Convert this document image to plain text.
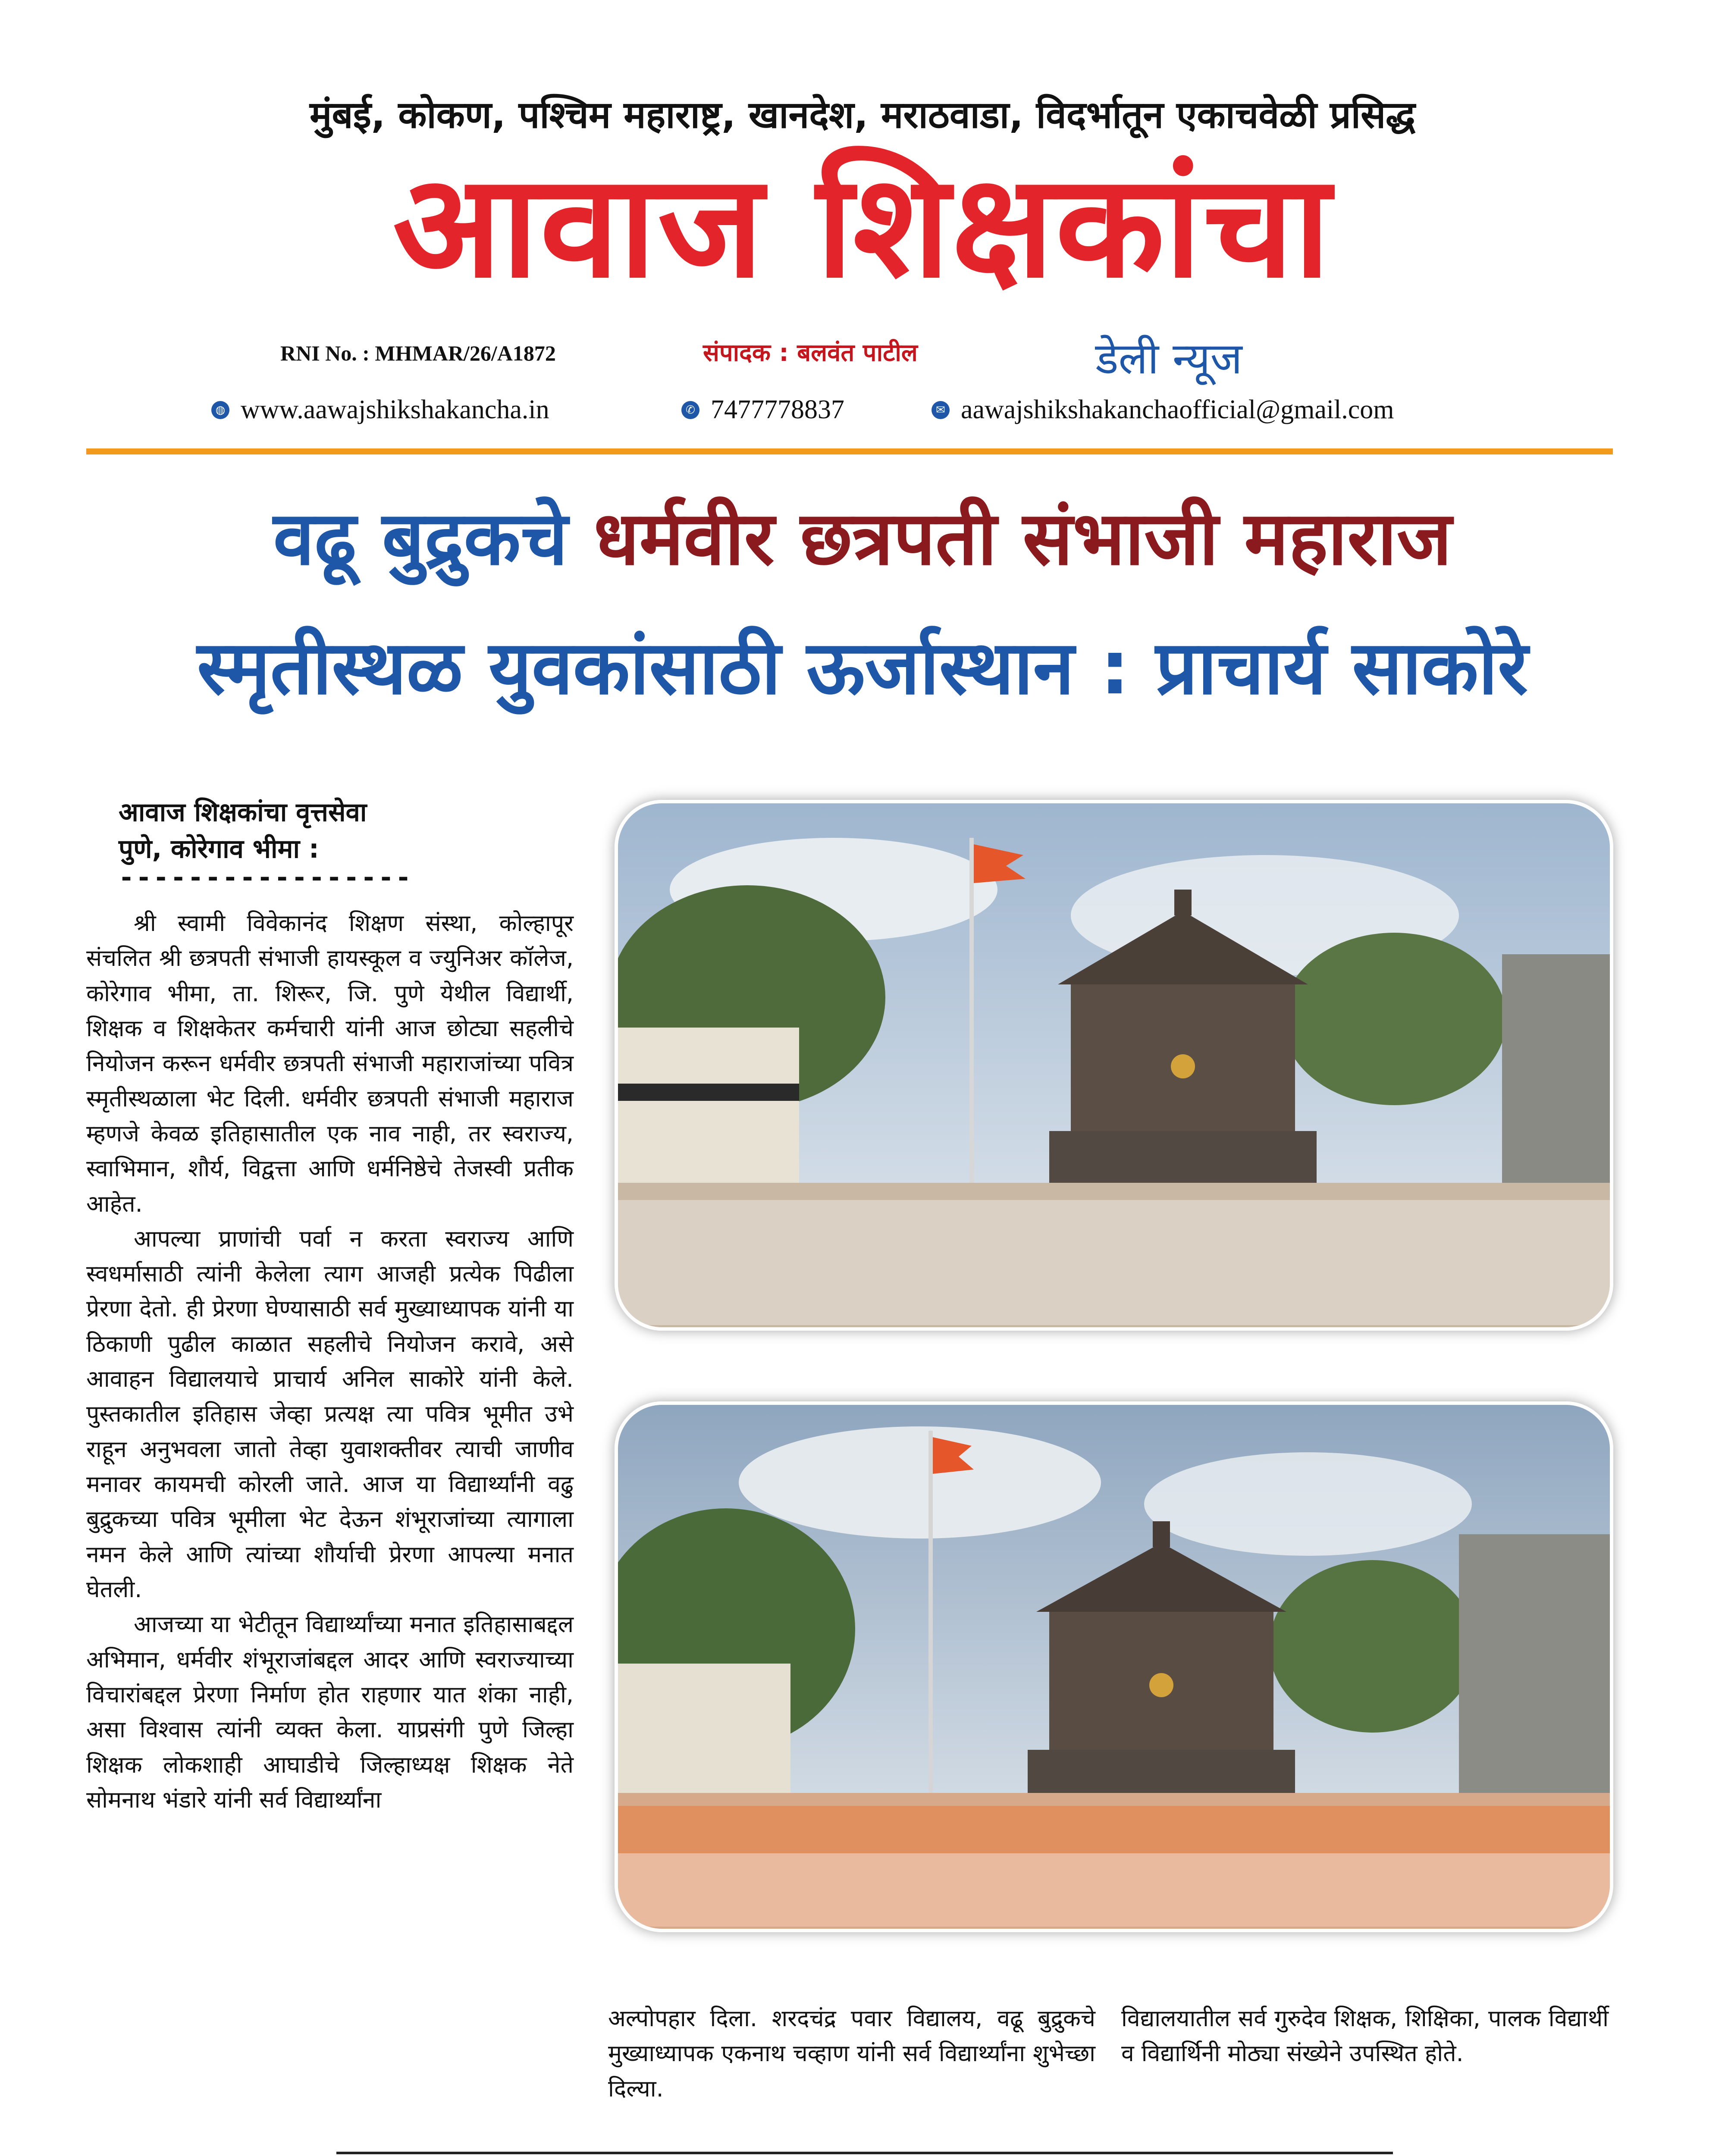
मुंबई, कोकण, पश्चिम महाराष्ट्र, खानदेश, मराठवाडा, विदर्भातून एकाचवेळी प्रसिद्ध
आवाज शिक्षकांचा
RNI No. : MHMAR/26/A1872	संपादक : बलवंत पाटील	डेली न्यूज
◍ www.aawajshikshakancha.in	✆ 7477778837	✉ aawajshikshakanchaofficial@gmail.com
वढू बुद्रुकचे धर्मवीर छत्रपती संभाजी महाराज
स्मृतीस्थळ युवकांसाठी ऊर्जास्थान : प्राचार्य साकोरे
आवाज शिक्षकांचा वृत्तसेवा
पुणे, कोरेगाव भीमा :
-----------------

श्री स्वामी विवेकानंद शिक्षण संस्था, कोल्हापूर संचलित श्री छत्रपती संभाजी हायस्कूल व ज्युनिअर कॉलेज, कोरेगाव भीमा, ता. शिरूर, जि. पुणे येथील विद्यार्थी, शिक्षक व शिक्षकेतर कर्मचारी यांनी आज छोट्या सहलीचे नियोजन करून धर्मवीर छत्रपती संभाजी महाराजांच्या पवित्र स्मृतीस्थळाला भेट दिली. धर्मवीर छत्रपती संभाजी महाराज म्हणजे केवळ इतिहासातील एक नाव नाही, तर स्वराज्य, स्वाभिमान, शौर्य, विद्वत्ता आणि धर्मनिष्ठेचे तेजस्वी प्रतीक आहेत.

आपल्या प्राणांची पर्वा न करता स्वराज्य आणि स्वधर्मासाठी त्यांनी केलेला त्याग आजही प्रत्येक पिढीला प्रेरणा देतो. ही प्रेरणा घेण्यासाठी सर्व मुख्याध्यापक यांनी या ठिकाणी पुढील काळात सहलीचे नियोजन करावे, असे आवाहन विद्यालयाचे प्राचार्य अनिल साकोरे यांनी केले. पुस्तकातील इतिहास जेव्हा प्रत्यक्ष त्या पवित्र भूमीत उभे राहून अनुभवला जातो तेव्हा युवाशक्तीवर त्याची जाणीव मनावर कायमची कोरली जाते. आज या विद्यार्थ्यांनी वढु बुद्रुकच्या पवित्र भूमीला भेट देऊन शंभूराजांच्या त्यागाला नमन केले आणि त्यांच्या शौर्याची प्रेरणा आपल्या मनात घेतली.

आजच्या या भेटीतून विद्यार्थ्यांच्या मनात इतिहासाबद्दल अभिमान, धर्मवीर शंभूराजांबद्दल आदर आणि स्वराज्याच्या विचारांबद्दल प्रेरणा निर्माण होत राहणार यात शंका नाही, असा विश्वास त्यांनी व्यक्त केला. याप्रसंगी पुणे जिल्हा शिक्षक लोकशाही आघाडीचे जिल्हाध्यक्ष शिक्षक नेते सोमनाथ भंडारे यांनी सर्व विद्यार्थ्यांना

अल्पोपहार दिला. शरदचंद्र पवार विद्यालय, वढू बुद्रुकचे मुख्याध्यापक एकनाथ चव्हाण यांनी सर्व विद्यार्थ्यांना शुभेच्छा दिल्या.
विद्यालयातील सर्व गुरुदेव शिक्षक, शिक्षिका, पालक विद्यार्थी व विद्यार्थिनी मोठ्या संख्येने उपस्थित होते.
